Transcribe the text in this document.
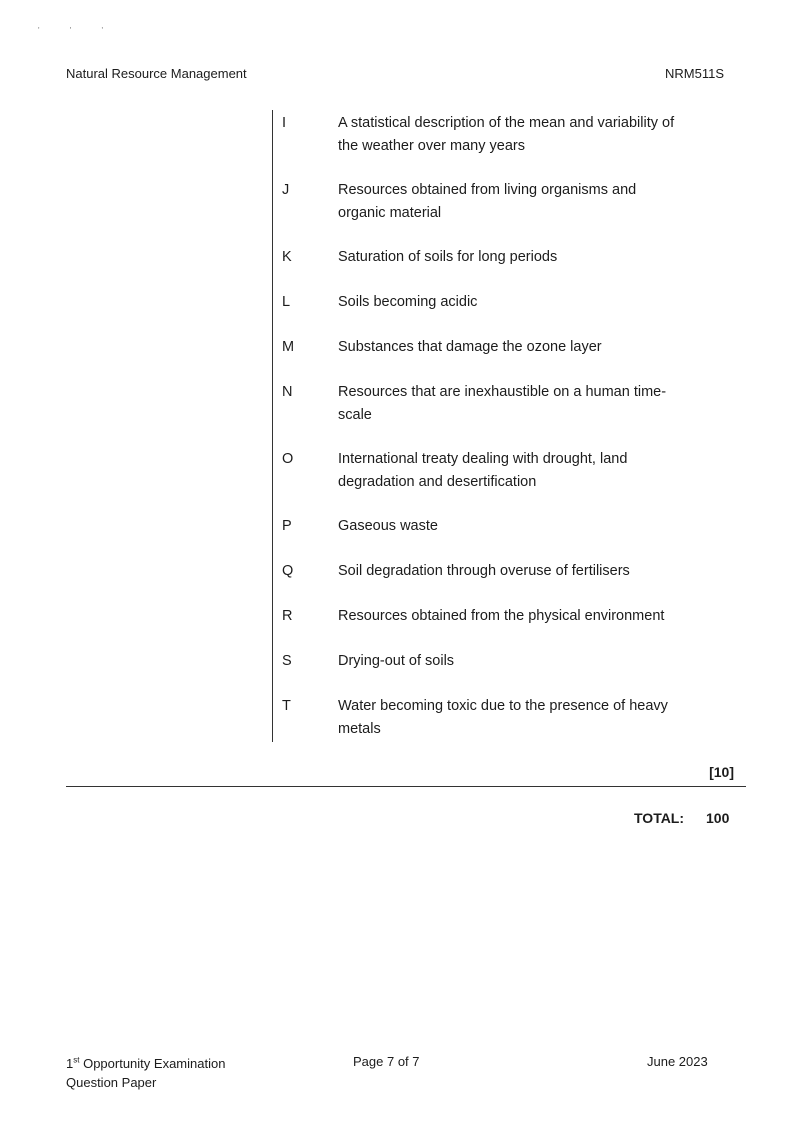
' ' '
Natural Resource Management	NRM511S
I	A statistical description of the mean and variability of the weather over many years
J	Resources obtained from living organisms and organic material
K	Saturation of soils for long periods
L	Soils becoming acidic
M	Substances that damage the ozone layer
N	Resources that are inexhaustible on a human time-scale
O	International treaty dealing with drought, land degradation and desertification
P	Gaseous waste
Q	Soil degradation through overuse of fertilisers
R	Resources obtained from the physical environment
S	Drying-out of soils
T	Water becoming toxic due to the presence of heavy metals
[10]
TOTAL: 100
1st Opportunity Examination
Question Paper
Page 7 of 7	June 2023
